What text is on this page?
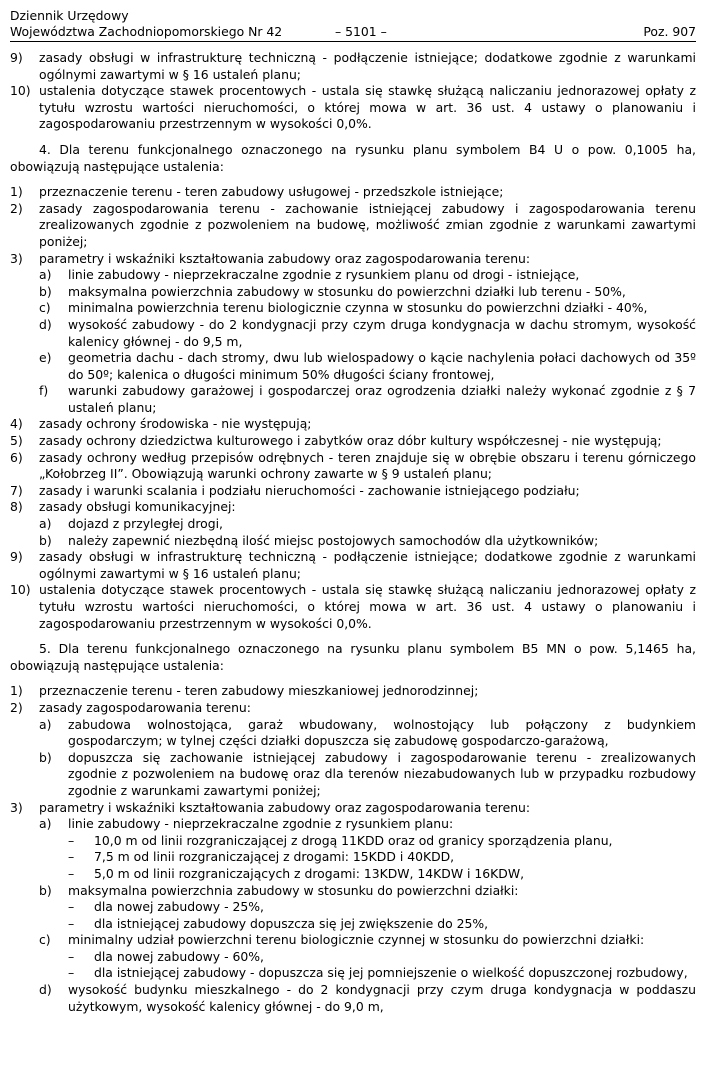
Dziennik Urzędowy
Województwa Zachodniopomorskiego Nr 42	– 5101 –	Poz. 907
9) zasady obsługi w infrastrukturę techniczną - podłączenie istniejące; dodatkowe zgodnie z warunkami ogólnymi zawartymi w § 16 ustaleń planu;
10) ustalenia dotyczące stawek procentowych - ustala się stawkę służącą naliczaniu jednorazowej opłaty z tytułu wzrostu wartości nieruchomości, o której mowa w art. 36 ust. 4 ustawy o planowaniu i zagospodarowaniu przestrzennym w wysokości 0,0%.
4. Dla terenu funkcjonalnego oznaczonego na rysunku planu symbolem B4 U o pow. 0,1005 ha, obowiązują następujące ustalenia:
1) przeznaczenie terenu - teren zabudowy usługowej - przedszkole istniejące;
2) zasady zagospodarowania terenu - zachowanie istniejącej zabudowy i zagospodarowania terenu zrealizowanych zgodnie z pozwoleniem na budowę, możliwość zmian zgodnie z warunkami zawartymi poniżej;
3) parametry i wskaźniki kształtowania zabudowy oraz zagospodarowania terenu:
a) linie zabudowy - nieprzekraczalne zgodnie z rysunkiem planu od drogi - istniejące,
b) maksymalna powierzchnia zabudowy w stosunku do powierzchni działki lub terenu - 50%,
c) minimalna powierzchnia terenu biologicznie czynna w stosunku do powierzchni działki - 40%,
d) wysokość zabudowy - do 2 kondygnacji przy czym druga kondygnacja w dachu stromym, wysokość kalenicy głównej - do 9,5 m,
e) geometria dachu - dach stromy, dwu lub wielospadowy o kącie nachylenia połaci dachowych od 35º do 50º; kalenica o długości minimum 50% długości ściany frontowej,
f) warunki zabudowy garażowej i gospodarczej oraz ogrodzenia działki należy wykonać zgodnie z § 7 ustaleń planu;
4) zasady ochrony środowiska - nie występują;
5) zasady ochrony dziedzictwa kulturowego i zabytków oraz dóbr kultury współczesnej - nie występują;
6) zasady ochrony według przepisów odrębnych - teren znajduje się w obrębie obszaru i terenu górniczego „Kołobrzeg II”. Obowiązują warunki ochrony zawarte w § 9 ustaleń planu;
7) zasady i warunki scalania i podziału nieruchomości - zachowanie istniejącego podziału;
8) zasady obsługi komunikacyjnej:
a) dojazd z przyległej drogi,
b) należy zapewnić niezbędną ilość miejsc postojowych samochodów dla użytkowników;
9) zasady obsługi w infrastrukturę techniczną - podłączenie istniejące; dodatkowe zgodnie z warunkami ogólnymi zawartymi w § 16 ustaleń planu;
10) ustalenia dotyczące stawek procentowych - ustala się stawkę służącą naliczaniu jednorazowej opłaty z tytułu wzrostu wartości nieruchomości, o której mowa w art. 36 ust. 4 ustawy o planowaniu i zagospodarowaniu przestrzennym w wysokości 0,0%.
5. Dla terenu funkcjonalnego oznaczonego na rysunku planu symbolem B5 MN o pow. 5,1465 ha, obowiązują następujące ustalenia:
1) przeznaczenie terenu - teren zabudowy mieszkaniowej jednorodzinnej;
2) zasady zagospodarowania terenu:
a) zabudowa wolnostojąca, garaż wbudowany, wolnostojący lub połączony z budynkiem gospodarczym; w tylnej części działki dopuszcza się zabudowę gospodarczo-garażową,
b) dopuszcza się zachowanie istniejącej zabudowy i zagospodarowanie terenu - zrealizowanych zgodnie z pozwoleniem na budowę oraz dla terenów niezabudowanych lub w przypadku rozbudowy zgodnie z warunkami zawartymi poniżej;
3) parametry i wskaźniki kształtowania zabudowy oraz zagospodarowania terenu:
a) linie zabudowy - nieprzekraczalne zgodnie z rysunkiem planu:
– 10,0 m od linii rozgraniczającej z drogą 11KDD oraz od granicy sporządzenia planu,
– 7,5 m od linii rozgraniczającej z drogami: 15KDD i 40KDD,
– 5,0 m od linii rozgraniczających z drogami: 13KDW, 14KDW i 16KDW,
b) maksymalna powierzchnia zabudowy w stosunku do powierzchni działki:
– dla nowej zabudowy - 25%,
– dla istniejącej zabudowy dopuszcza się jej zwiększenie do 25%,
c) minimalny udział powierzchni terenu biologicznie czynnej w stosunku do powierzchni działki:
– dla nowej zabudowy - 60%,
– dla istniejącej zabudowy - dopuszcza się jej pomniejszenie o wielkość dopuszczonej rozbudowy,
d) wysokość budynku mieszkalnego - do 2 kondygnacji przy czym druga kondygnacja w poddaszu użytkowym, wysokość kalenicy głównej - do 9,0 m,
